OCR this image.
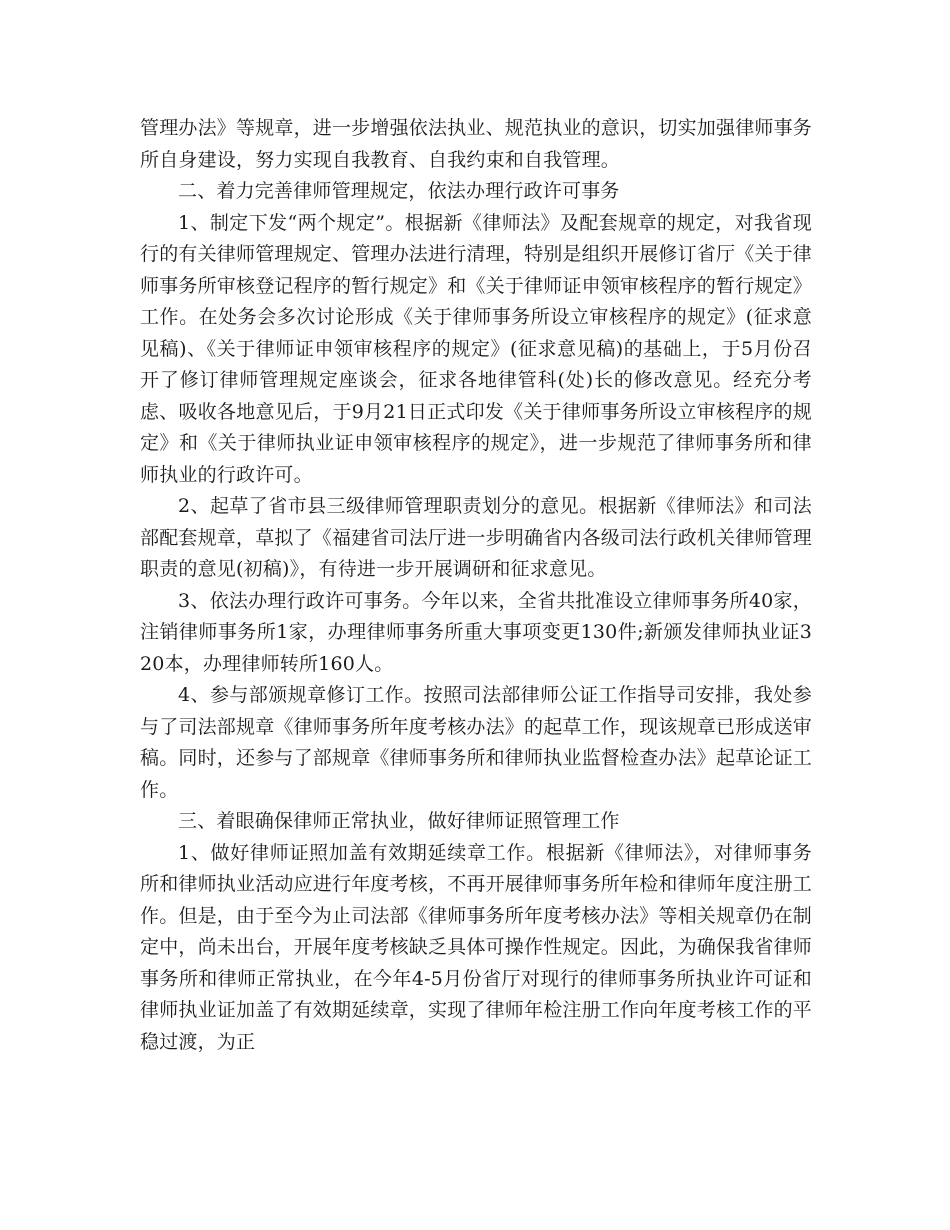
管理办法》等规章，进一步增强依法执业、规范执业的意识，切实加强律师事务所自身建设，努力实现自我教育、自我约束和自我管理。

二、着力完善律师管理规定，依法办理行政许可事务

1、制定下发“两个规定”。根据新《律师法》及配套规章的规定，对我省现行的有关律师管理规定、管理办法进行清理，特别是组织开展修订省厅《关于律师事务所审核登记程序的暂行规定》和《关于律师证申领审核程序的暂行规定》工作。在处务会多次讨论形成《关于律师事务所设立审核程序的规定》(征求意见稿)、《关于律师证申领审核程序的规定》(征求意见稿)的基础上，于5月份召开了修订律师管理规定座谈会，征求各地律管科(处)长的修改意见。经充分考虑、吸收各地意见后，于9月21日正式印发《关于律师事务所设立审核程序的规定》和《关于律师执业证申领审核程序的规定》，进一步规范了律师事务所和律师执业的行政许可。

2、起草了省市县三级律师管理职责划分的意见。根据新《律师法》和司法部配套规章，草拟了《福建省司法厅进一步明确省内各级司法行政机关律师管理职责的意见(初稿)》，有待进一步开展调研和征求意见。

3、依法办理行政许可事务。今年以来，全省共批准设立律师事务所40家，注销律师事务所1家，办理律师事务所重大事项变更130件;新颁发律师执业证320本，办理律师转所160人。

4、参与部颁规章修订工作。按照司法部律师公证工作指导司安排，我处参与了司法部规章《律师事务所年度考核办法》的起草工作，现该规章已形成送审稿。同时，还参与了部规章《律师事务所和律师执业监督检查办法》起草论证工作。

三、着眼确保律师正常执业，做好律师证照管理工作

1、做好律师证照加盖有效期延续章工作。根据新《律师法》，对律师事务所和律师执业活动应进行年度考核，不再开展律师事务所年检和律师年度注册工作。但是，由于至今为止司法部《律师事务所年度考核办法》等相关规章仍在制定中，尚未出台，开展年度考核缺乏具体可操作性规定。因此，为确保我省律师事务所和律师正常执业，在今年4-5月份省厅对现行的律师事务所执业许可证和律师执业证加盖了有效期延续章，实现了律师年检注册工作向年度考核工作的平稳过渡，为正
